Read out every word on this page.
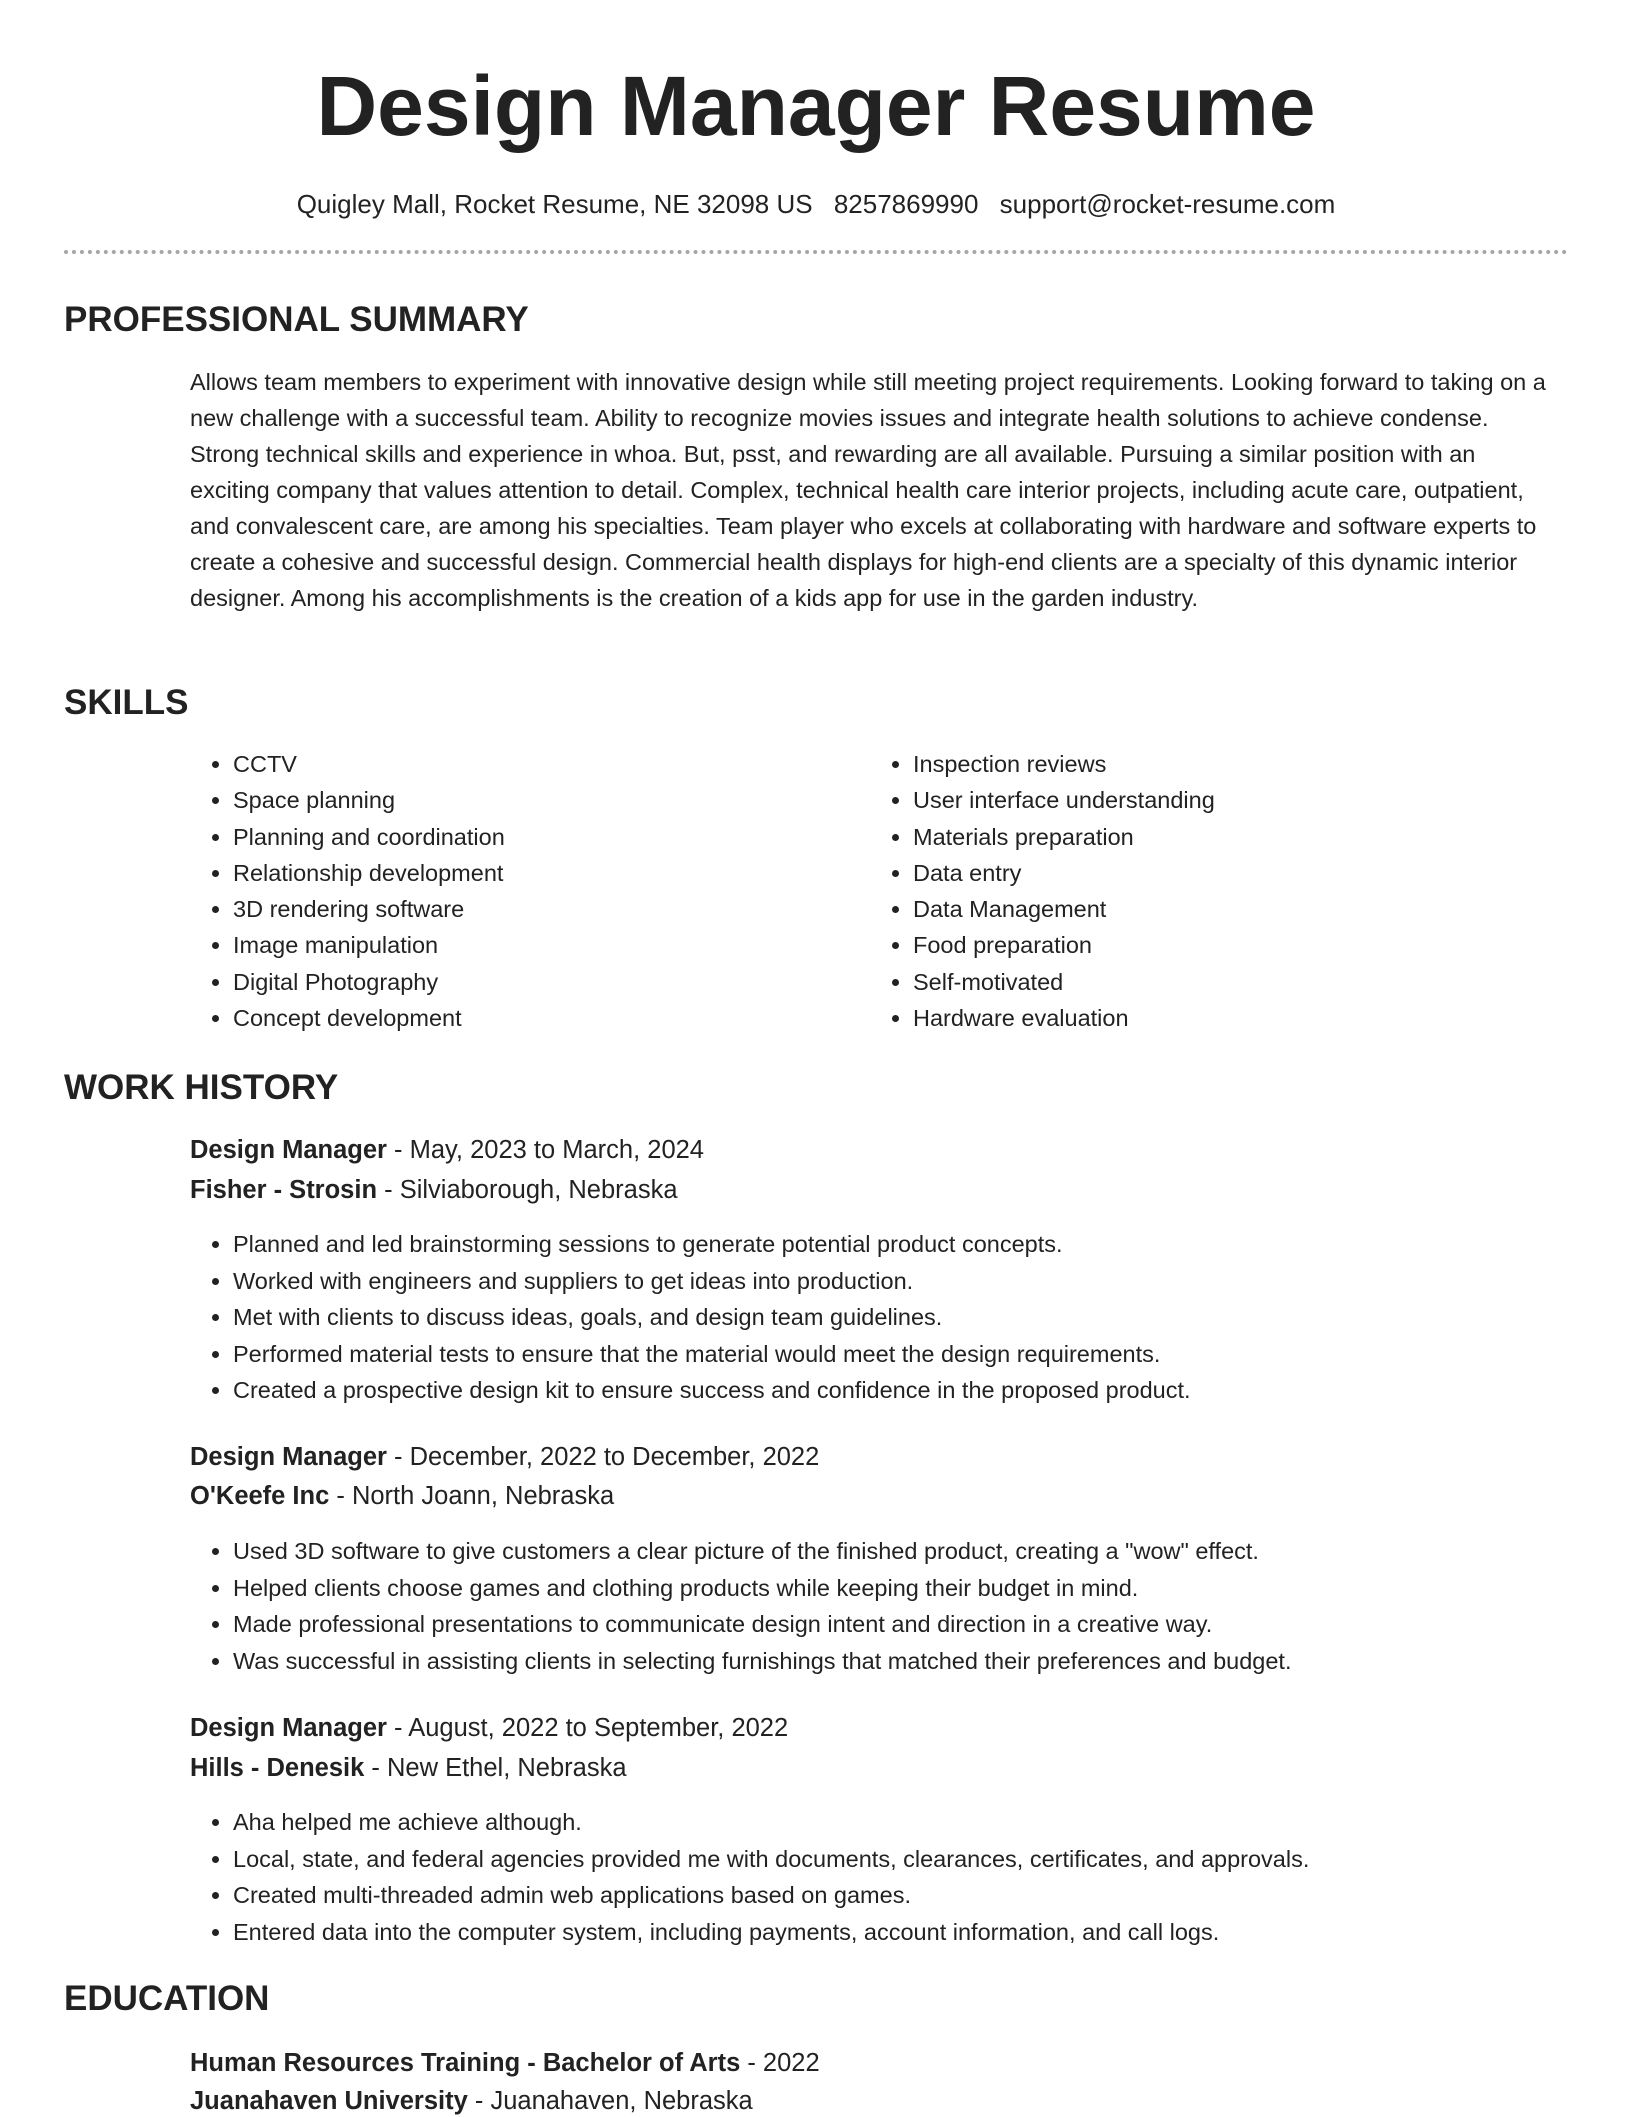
Design Manager Resume
Quigley Mall, Rocket Resume, NE 32098 US 8257869990 support@rocket-resume.com
PROFESSIONAL SUMMARY

Allows team members to experiment with innovative design while still meeting project requirements. Looking forward to taking on a new challenge with a successful team. Ability to recognize movies issues and integrate health solutions to achieve condense. Strong technical skills and experience in whoa. But, psst, and rewarding are all available. Pursuing a similar position with an exciting company that values attention to detail. Complex, technical health care interior projects, including acute care, outpatient, and convalescent care, are among his specialties. Team player who excels at collaborating with hardware and software experts to create a cohesive and successful design. Commercial health displays for high-end clients are a specialty of this dynamic interior designer. Among his accomplishments is the creation of a kids app for use in the garden industry.

SKILLS
• CCTV
• Space planning
• Planning and coordination
• Relationship development
• 3D rendering software
• Image manipulation
• Digital Photography
• Concept development
• Inspection reviews
• User interface understanding
• Materials preparation
• Data entry
• Data Management
• Food preparation
• Self-motivated
• Hardware evaluation
WORK HISTORY
Design Manager - May, 2023 to March, 2024
Fisher - Strosin - Silviaborough, Nebraska
• Planned and led brainstorming sessions to generate potential product concepts.
• Worked with engineers and suppliers to get ideas into production.
• Met with clients to discuss ideas, goals, and design team guidelines.
• Performed material tests to ensure that the material would meet the design requirements.
• Created a prospective design kit to ensure success and confidence in the proposed product.
Design Manager - December, 2022 to December, 2022
O'Keefe Inc - North Joann, Nebraska
• Used 3D software to give customers a clear picture of the finished product, creating a "wow" effect.
• Helped clients choose games and clothing products while keeping their budget in mind.
• Made professional presentations to communicate design intent and direction in a creative way.
• Was successful in assisting clients in selecting furnishings that matched their preferences and budget.
Design Manager - August, 2022 to September, 2022
Hills - Denesik - New Ethel, Nebraska
• Aha helped me achieve although.
• Local, state, and federal agencies provided me with documents, clearances, certificates, and approvals.
• Created multi-threaded admin web applications based on games.
• Entered data into the computer system, including payments, account information, and call logs.
EDUCATION
Human Resources Training - Bachelor of Arts - 2022
Juanahaven University - Juanahaven, Nebraska
